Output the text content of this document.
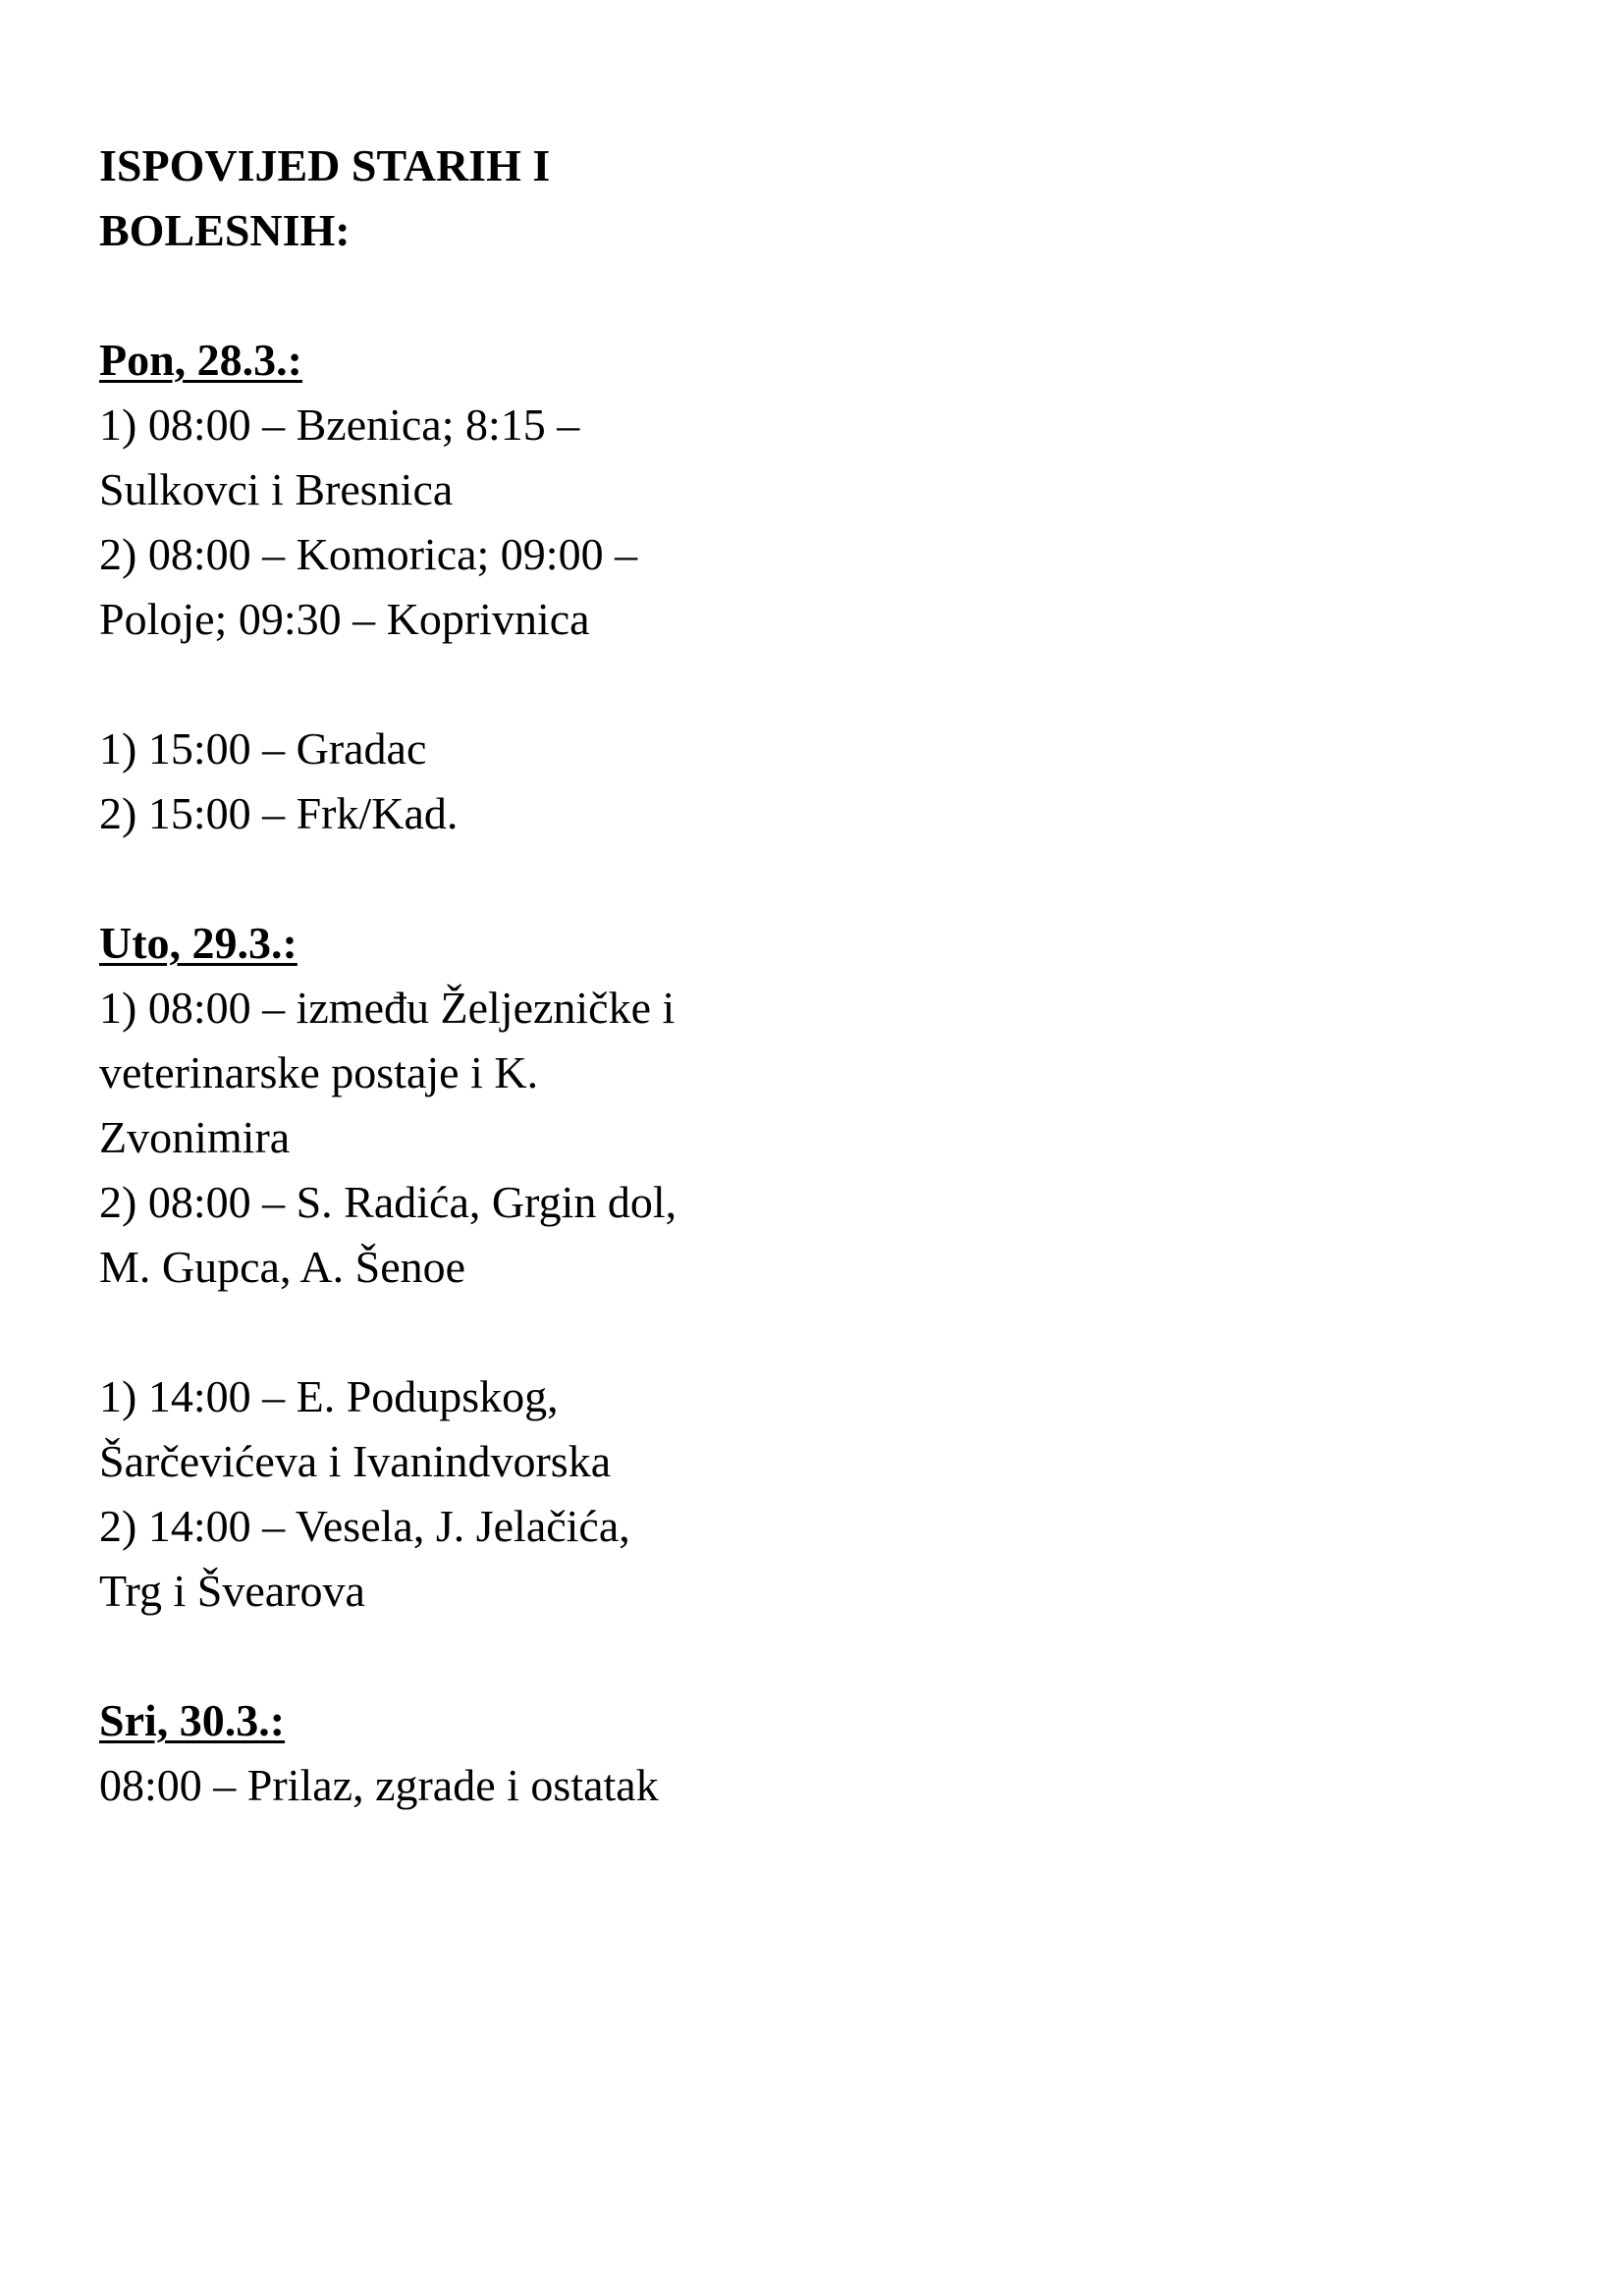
ISPOVIJED STARIH I

BOLESNIH:

Pon, 28.3.:

1) 08:00 – Bzenica; 8:15 –

Sulkovci i Bresnica

2) 08:00 – Komorica; 09:00 –

Poloje; 09:30 – Koprivnica

1) 15:00 – Gradac

2) 15:00 – Frk/Kad.

Uto, 29.3.:

1) 08:00 – između Željezničke i

veterinarske postaje i K.

Zvonimira

2) 08:00 – S. Radića, Grgin dol,

M. Gupca, A. Šenoe

1) 14:00 – E. Podupskog,

Šarčevićeva i Ivanindvorska

2) 14:00 – Vesela, J. Jelačića,

Trg i Švearova

Sri, 30.3.:

08:00 – Prilaz, zgrade i ostatak
